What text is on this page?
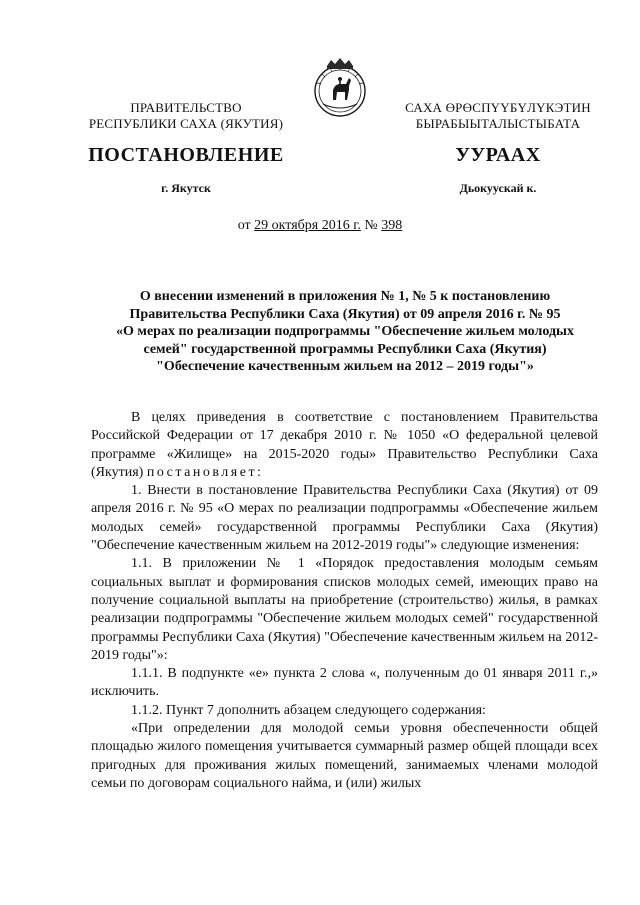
ПРАВИТЕЛЬСТВО
РЕСПУБЛИКИ САХА (ЯКУТИЯ)
САХА ӨРӨСПҮҮБҮЛҮКЭТИН
БЫРАБЫЫТАЛЫСТЫБАТА
ПОСТАНОВЛЕНИЕ	УУРААХ
г. Якутск	Дьокуускай к.
от 29 октября 2016 г. № 398
О внесении изменений в приложения № 1, № 5 к постановлению
Правительства Республики Саха (Якутия) от 09 апреля 2016 г. № 95
«О мерах по реализации подпрограммы "Обеспечение жильем молодых
семей" государственной программы Республики Саха (Якутия)
"Обеспечение качественным жильем на 2012 – 2019 годы"»

В целях приведения в соответствие с постановлением Правительства Российской Федерации от 17 декабря 2010 г. № 1050 «О федеральной целевой программе «Жилище» на 2015-2020 годы» Правительство Республики Саха (Якутия) постановляет:

1. Внести в постановление Правительства Республики Саха (Якутия) от 09 апреля 2016 г. № 95 «О мерах по реализации подпрограммы «Обеспечение жильем молодых семей» государственной программы Республики Саха (Якутия) "Обеспечение качественным жильем на 2012-2019 годы"» следующие изменения:

1.1. В приложении № 1 «Порядок предоставления молодым семьям социальных выплат и формирования списков молодых семей, имеющих право на получение социальной выплаты на приобретение (строительство) жилья, в рамках реализации подпрограммы "Обеспечение жильем молодых семей" государственной программы Республики Саха (Якутия) "Обеспечение качественным жильем на 2012-2019 годы"»:

1.1.1. В подпункте «е» пункта 2 слова «, полученным до 01 января 2011 г.,» исключить.

1.1.2. Пункт 7 дополнить абзацем следующего содержания:

«При определении для молодой семьи уровня обеспеченности общей площадью жилого помещения учитывается суммарный размер общей площади всех пригодных для проживания жилых помещений, занимаемых членами молодой семьи по договорам социального найма, и (или) жилых
